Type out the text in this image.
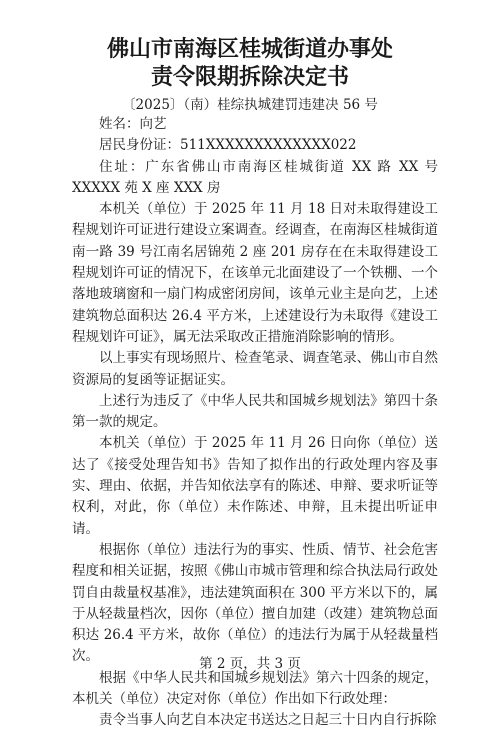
佛山市南海区桂城街道办事处
责令限期拆除决定书
〔2025〕（南）桂综执城建罚违建决 56 号

姓名：向艺

居民身份证：511XXXXXXXXXXXXX022

住址：广东省佛山市南海区桂城街道 XX 路 XX 号 XXXXX 苑 X 座 XXX 房

本机关（单位）于 2025 年 11 月 18 日对未取得建设工程规划许可证进行建设立案调查。经调查，在南海区桂城街道南一路 39 号江南名居锦苑 2 座 201 房存在在未取得建设工程规划许可证的情况下，在该单元北面建设了一个铁棚、一个落地玻璃窗和一扇门构成密闭房间，该单元业主是向艺，上述建筑物总面积达 26.4 平方米，上述建设行为未取得《建设工程规划许可证》，属无法采取改正措施消除影响的情形。

以上事实有现场照片、检查笔录、调查笔录、佛山市自然资源局的复函等证据证实。

上述行为违反了《中华人民共和国城乡规划法》第四十条第一款的规定。

本机关（单位）于 2025 年 11 月 26 日向你（单位）送达了《接受处理告知书》告知了拟作出的行政处理内容及事实、理由、依据，并告知依法享有的陈述、申辩、要求听证等权利，对此，你（单位）未作陈述、申辩，且未提出听证申请。

根据你（单位）违法行为的事实、性质、情节、社会危害程度和相关证据，按照《佛山市城市管理和综合执法局行政处罚自由裁量权基准》，违法建筑面积在 300 平方米以下的，属于从轻裁量档次，因你（单位）擅自加建（改建）建筑物总面积达 26.4 平方米，故你（单位）的违法行为属于从轻裁量档次。

根据《中华人民共和国城乡规划法》第六十四条的规定，本机关（单位）决定对你（单位）作出如下行政处理：

责令当事人向艺自本决定书送达之日起三十日内自行拆除

第 2 页，共 3 页
